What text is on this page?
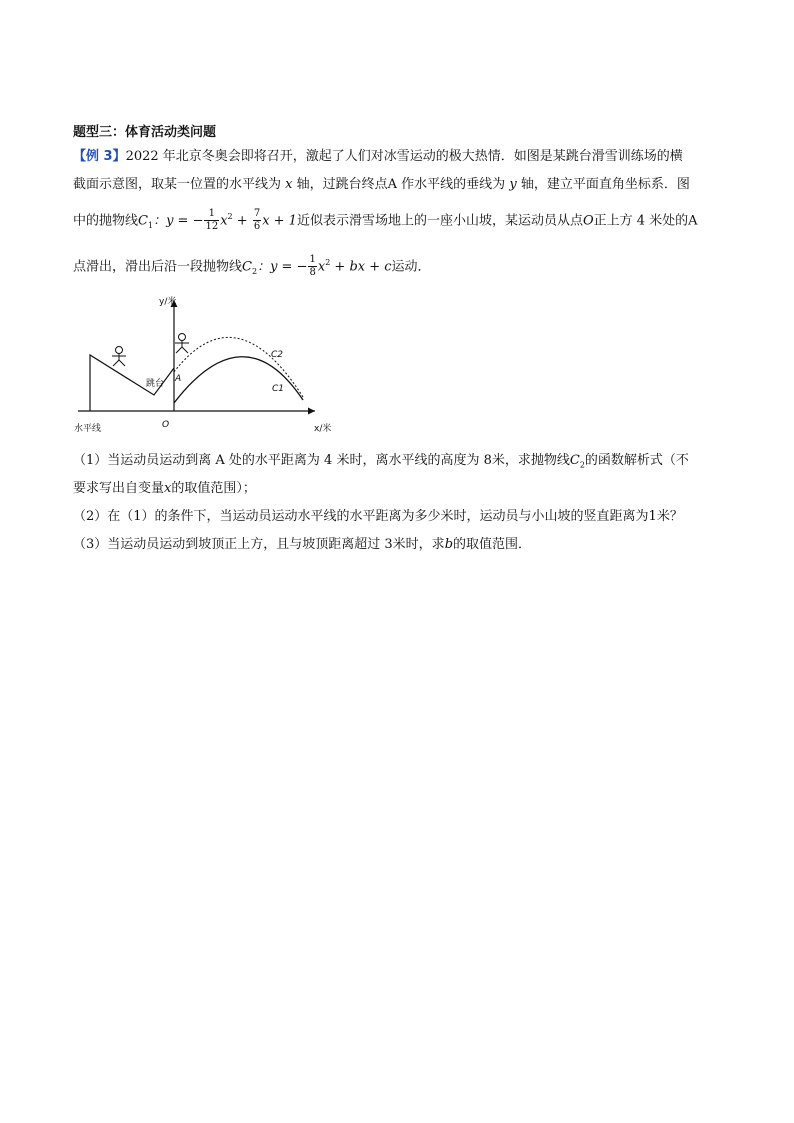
题型三：体育活动类问题
【例 3】2022 年北京冬奥会即将召开，激起了人们对冰雪运动的极大热情．如图是某跳台滑雪训练场的横
截面示意图，取某一位置的水平线为 x 轴，过跳台终点A 作水平线的垂线为 y 轴，建立平面直角坐标系．图
中的抛物线$C_1$：y = − $\frac{1}{12} x^2 + \frac{7}{6}$ x + 1近似表示滑雪场地上的一座小山坡，某运动员从点O正上方 4 米处的A
点滑出，滑出后沿一段抛物线$C_2$：y = − $\frac{1}{8} x^2$ + bx + c运动．
y/米
x/米
O
A
跳台
水平线
C1
C2
（1）当运动员运动到离 A 处的水平距离为 4 米时，离水平线的高度为 8米，求抛物线$C_2$的函数解析式（不
要求写出自变量x的取值范围）；
（2）在（1）的条件下，当运动员运动水平线的水平距离为多少米时，运动员与小山坡的竖直距离为1米？
（3）当运动员运动到坡顶正上方，且与坡顶距离超过 3米时，求b的取值范围．
